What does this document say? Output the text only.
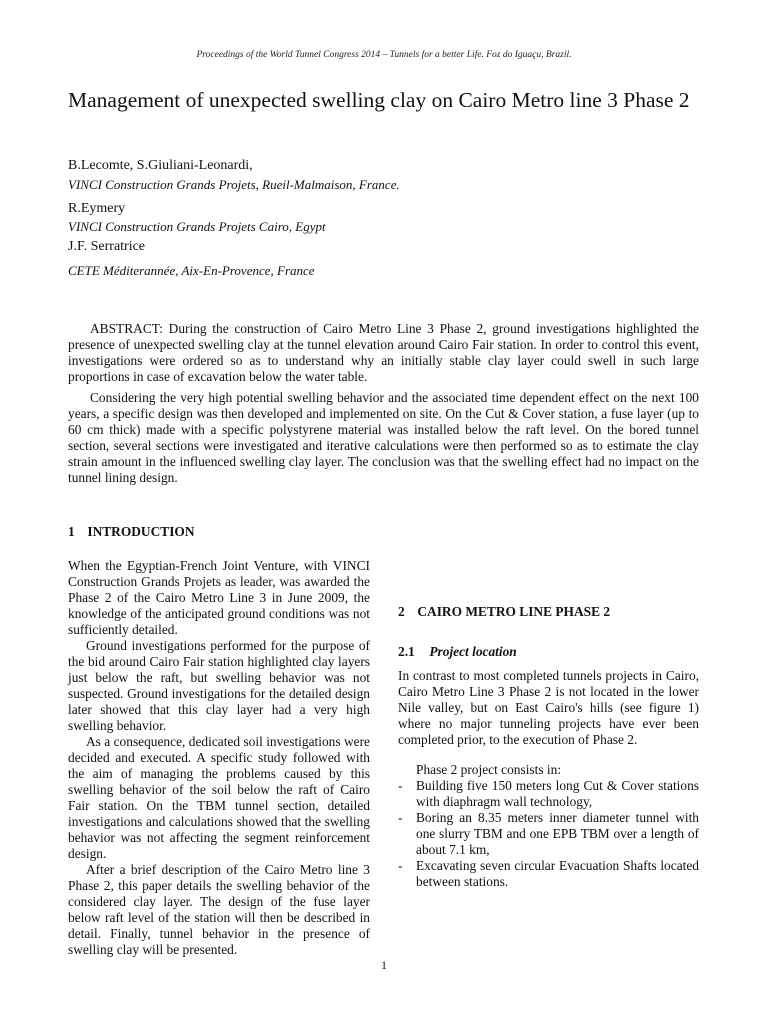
Proceedings of the World Tunnel Congress 2014 – Tunnels for a better Life. Foz do Iguaçu, Brazil.
Management of unexpected swelling clay on Cairo Metro line 3 Phase 2
B.Lecomte, S.Giuliani-Leonardi,
VINCI Construction Grands Projets, Rueil-Malmaison, France.
R.Eymery
VINCI Construction Grands Projets Cairo, Egypt
J.F. Serratrice
CETE Méditerannée, Aix-En-Provence, France

ABSTRACT: During the construction of Cairo Metro Line 3 Phase 2, ground investigations highlighted the presence of unexpected swelling clay at the tunnel elevation around Cairo Fair station. In order to control this event, investigations were ordered so as to understand why an initially stable clay layer could swell in such large proportions in case of excavation below the water table.

Considering the very high potential swelling behavior and the associated time dependent effect on the next 100 years, a specific design was then developed and implemented on site. On the Cut & Cover station, a fuse layer (up to 60 cm thick) made with a specific polystyrene material was installed below the raft level. On the bored tunnel section, several sections were investigated and iterative calculations were then performed so as to estimate the clay strain amount in the influenced swelling clay layer. The conclusion was that the swelling effect had no impact on the tunnel lining design.

1 INTRODUCTION

When the Egyptian-French Joint Venture, with VINCI Construction Grands Projets as leader, was awarded the Phase 2 of the Cairo Metro Line 3 in June 2009, the knowledge of the anticipated ground conditions was not sufficiently detailed.

Ground investigations performed for the purpose of the bid around Cairo Fair station highlighted clay layers just below the raft, but swelling behavior was not suspected. Ground investigations for the detailed design later showed that this clay layer had a very high swelling behavior.

As a consequence, dedicated soil investigations were decided and executed. A specific study followed with the aim of managing the problems caused by this swelling behavior of the soil below the raft of Cairo Fair station. On the TBM tunnel section, detailed investigations and calculations showed that the swelling behavior was not affecting the segment reinforcement design.

After a brief description of the Cairo Metro line 3 Phase 2, this paper details the swelling behavior of the considered clay layer. The design of the fuse layer below raft level of the station will then be described in detail. Finally, tunnel behavior in the presence of swelling clay will be presented.

2 CAIRO METRO LINE PHASE 2
2.1 Project location

In contrast to most completed tunnels projects in Cairo, Cairo Metro Line 3 Phase 2 is not located in the lower Nile valley, but on East Cairo's hills (see figure 1) where no major tunneling projects have ever been completed prior, to the execution of Phase 2.

Phase 2 project consists in:

- Building five 150 meters long Cut & Cover stations with diaphragm wall technology,
- Boring an 8.35 meters inner diameter tunnel with one slurry TBM and one EPB TBM over a length of about 7.1 km,
- Excavating seven circular Evacuation Shafts located between stations.
1
